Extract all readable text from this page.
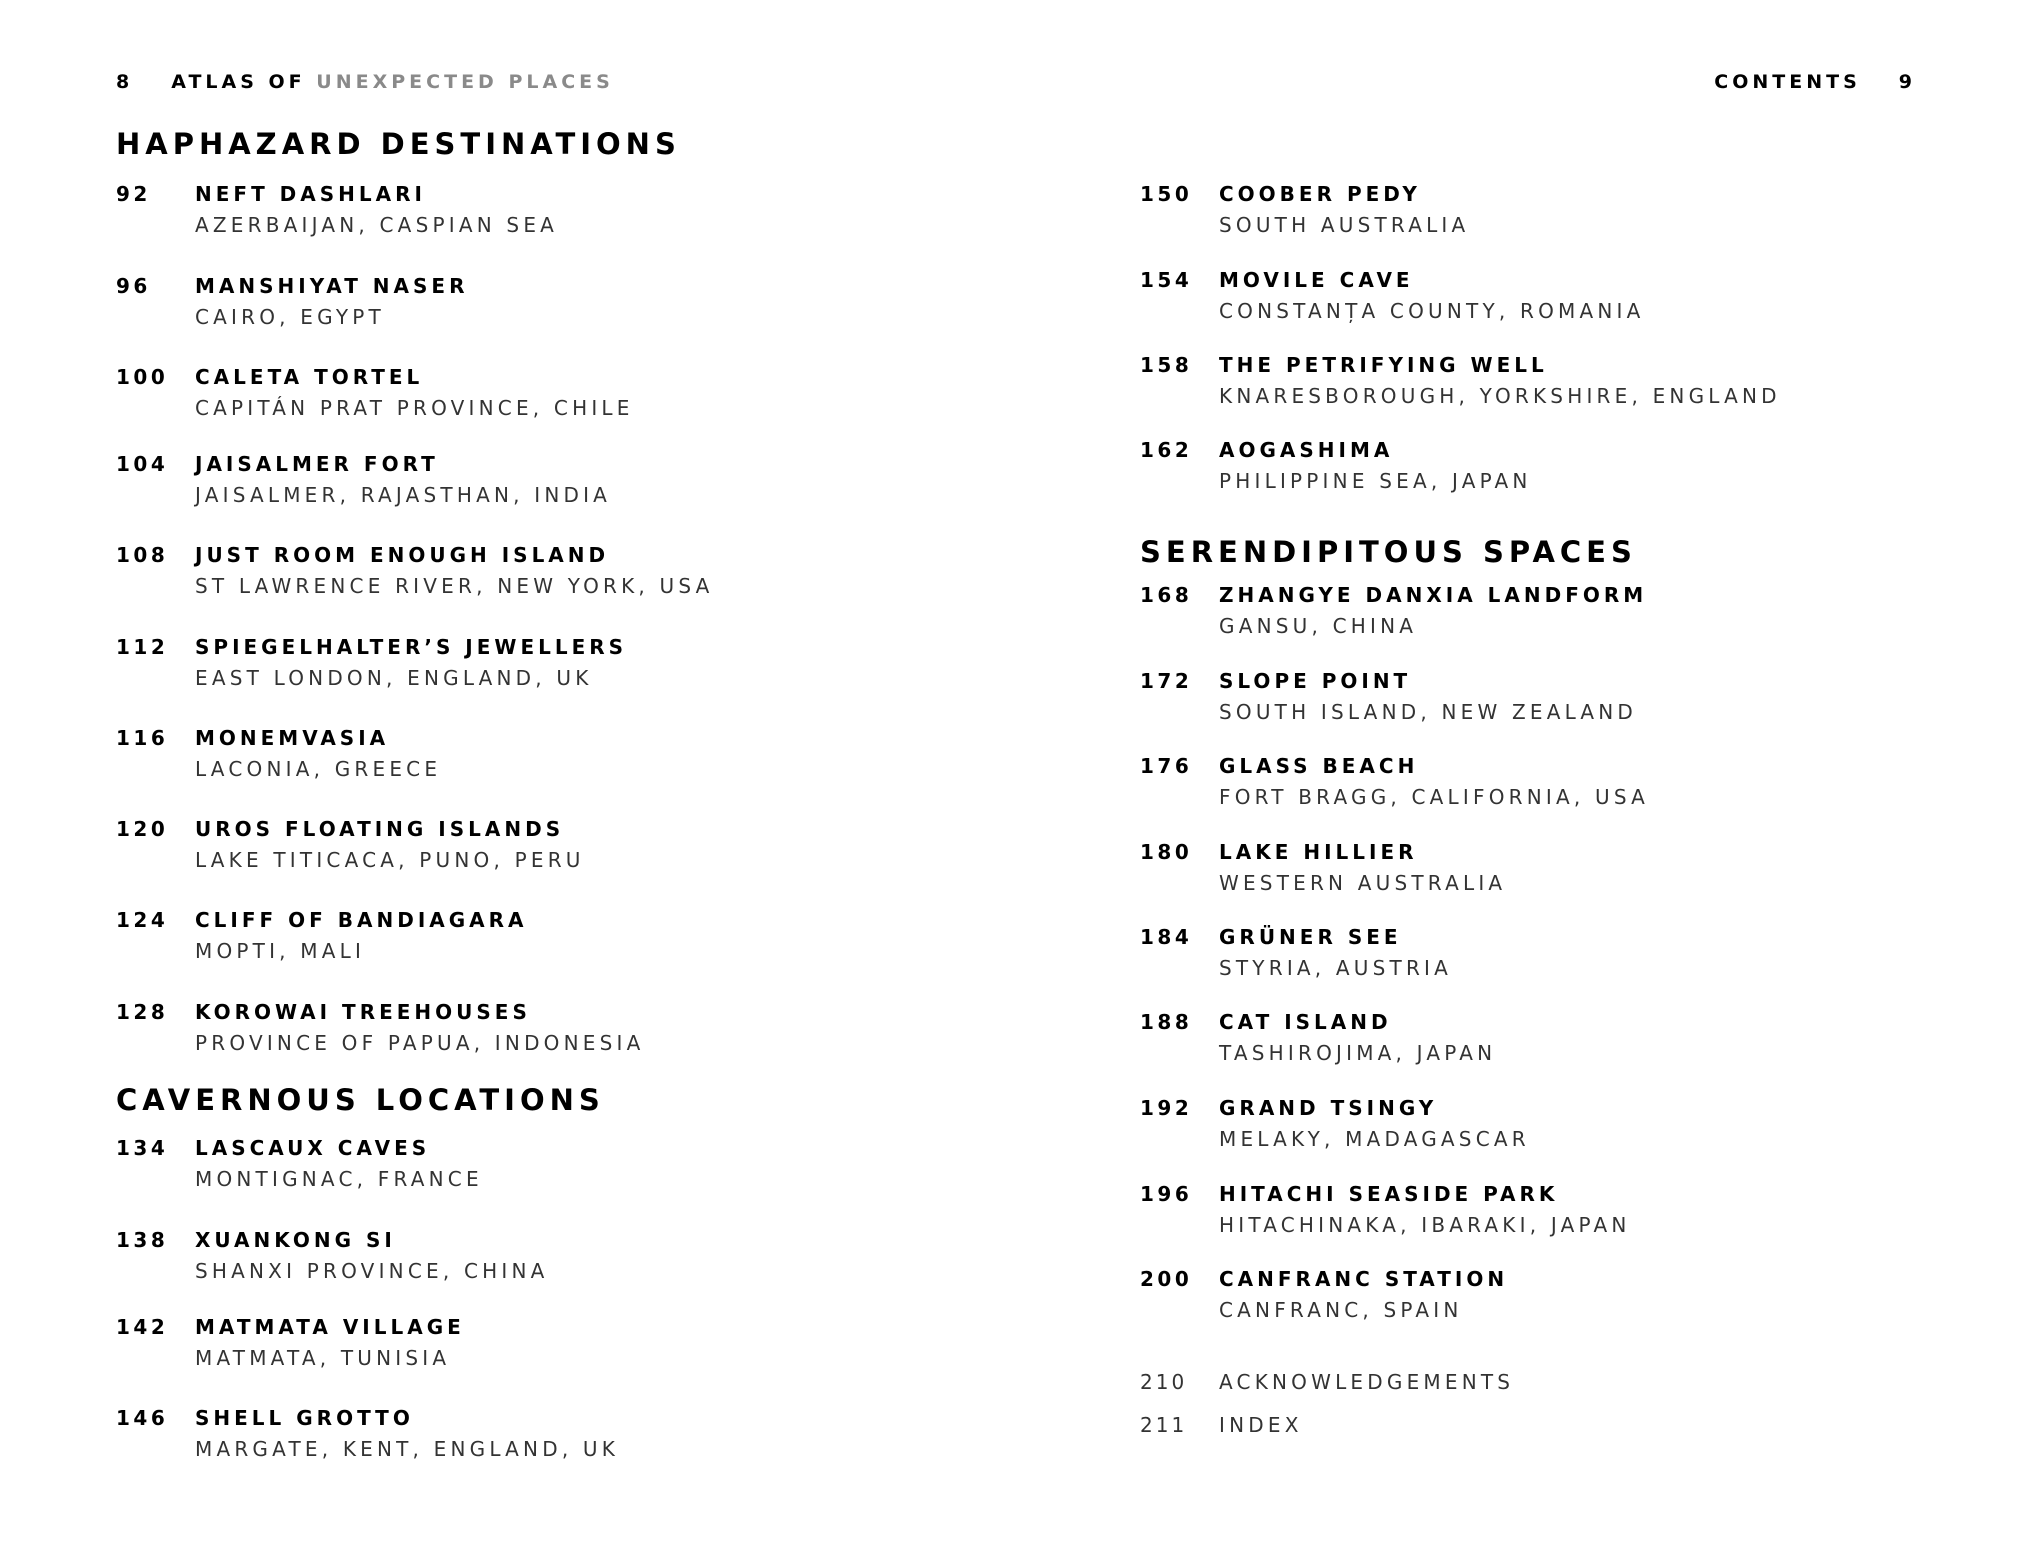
8 ATLAS OF UNEXPECTED PLACES
HAPHAZARD DESTINATIONS
92 NEFT DASHLARI
AZERBAIJAN, CASPIAN SEA
96 MANSHIYAT NASER
CAIRO, EGYPT
100 CALETA TORTEL
CAPITÁN PRAT PROVINCE, CHILE
104 JAISALMER FORT
JAISALMER, RAJASTHAN, INDIA
108 JUST ROOM ENOUGH ISLAND
ST LAWRENCE RIVER, NEW YORK, USA
112 SPIEGELHALTER’S JEWELLERS
EAST LONDON, ENGLAND, UK
116 MONEMVASIA
LACONIA, GREECE
120 UROS FLOATING ISLANDS
LAKE TITICACA, PUNO, PERU
124 CLIFF OF BANDIAGARA
MOPTI, MALI
128 KOROWAI TREEHOUSES
PROVINCE OF PAPUA, INDONESIA
CAVERNOUS LOCATIONS
134 LASCAUX CAVES
MONTIGNAC, FRANCE
138 XUANKONG SI
SHANXI PROVINCE, CHINA
142 MATMATA VILLAGE
MATMATA, TUNISIA
146 SHELL GROTTO
MARGATE, KENT, ENGLAND, UK
CONTENTS 9
150 COOBER PEDY
SOUTH AUSTRALIA
154 MOVILE CAVE
CONSTANȚA COUNTY, ROMANIA
158 THE PETRIFYING WELL
KNARESBOROUGH, YORKSHIRE, ENGLAND
162 AOGASHIMA
PHILIPPINE SEA, JAPAN
SERENDIPITOUS SPACES
168 ZHANGYE DANXIA LANDFORM
GANSU, CHINA
172 SLOPE POINT
SOUTH ISLAND, NEW ZEALAND
176 GLASS BEACH
FORT BRAGG, CALIFORNIA, USA
180 LAKE HILLIER
WESTERN AUSTRALIA
184 GRÜNER SEE
STYRIA, AUSTRIA
188 CAT ISLAND
TASHIROJIMA, JAPAN
192 GRAND TSINGY
MELAKY, MADAGASCAR
196 HITACHI SEASIDE PARK
HITACHINAKA, IBARAKI, JAPAN
200 CANFRANC STATION
CANFRANC, SPAIN
210 ACKNOWLEDGEMENTS
211 INDEX
